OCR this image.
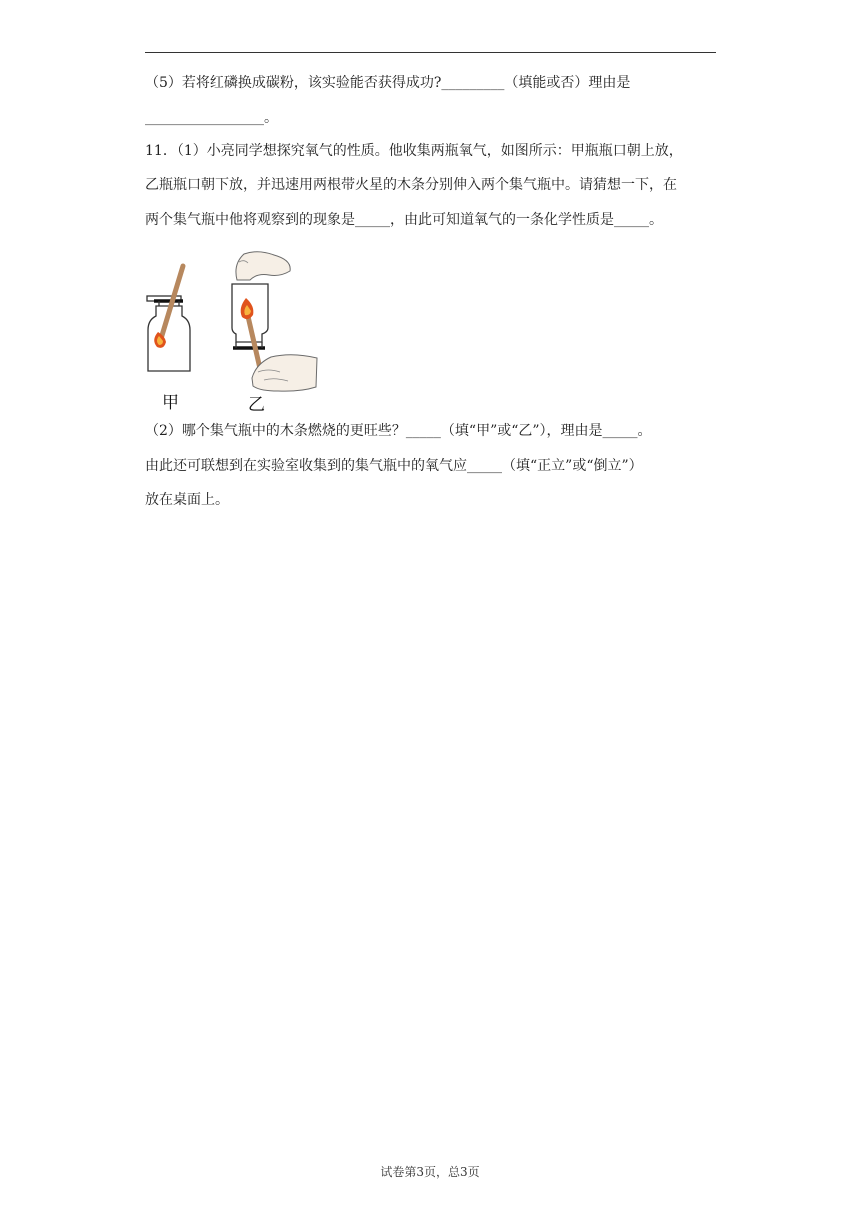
（5）若将红磷换成碳粉，该实验能否获得成功?_________（填能或否）理由是
_________________。
11．（1）小亮同学想探究氧气的性质。他收集两瓶氧气，如图所示：甲瓶瓶口朝上放，
乙瓶瓶口朝下放，并迅速用两根带火星的木条分别伸入两个集气瓶中。请猜想一下，在
两个集气瓶中他将观察到的现象是_____，由此可知道氧气的一条化学性质是_____。
甲	乙
（2）哪个集气瓶中的木条燃烧的更旺些？_____（填“甲”或“乙”），理由是_____。
由此还可联想到在实验室收集到的集气瓶中的氧气应_____（填“正立”或“倒立”）
放在桌面上。
试卷第3页，总3页
